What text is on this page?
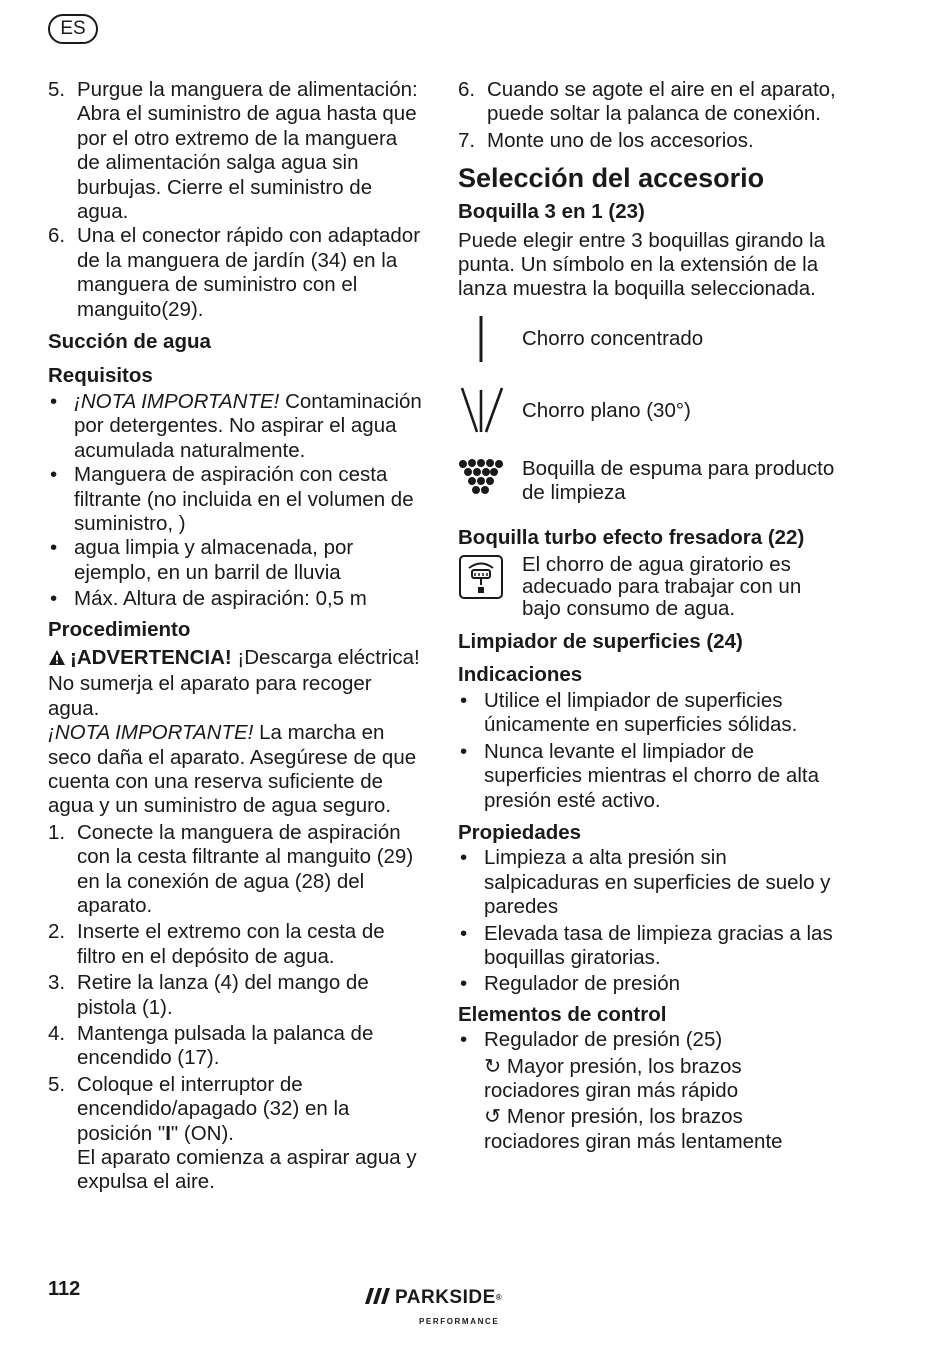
ES
5. Purgue la manguera de alimentación: Abra el suministro de agua hasta que por el otro extremo de la manguera de alimentación salga agua sin burbujas. Cierre el suministro de agua.
6. Una el conector rápido con adaptador de la manguera de jardín (34) en la manguera de suministro con el manguito(29).

Succión de agua

Requisitos

• ¡NOTA IMPORTANTE! Contaminación por detergentes. No aspirar el agua acumulada naturalmente.
• Manguera de aspiración con cesta filtrante (no incluida en el volumen de suministro, )
• agua limpia y almacenada, por ejemplo, en un barril de lluvia
• Máx. Altura de aspiración: 0,5 m

Procedimiento

¡ADVERTENCIA! ¡Descarga eléctrica! No sumerja el aparato para recoger agua.

¡NOTA IMPORTANTE! La marcha en seco daña el aparato. Asegúrese de que cuenta con una reserva suficiente de agua y un suministro de agua seguro.

1. Conecte la manguera de aspiración con la cesta filtrante al manguito (29) en la conexión de agua (28) del aparato.
2. Inserte el extremo con la cesta de filtro en el depósito de agua.
3. Retire la lanza (4) del mango de pistola (1).
4. Mantenga pulsada la palanca de encendido (17).
5. Coloque el interruptor de encendido/apagado (32) en la posición "I" (ON).
El aparato comienza a aspirar agua y expulsa el aire.
6. Cuando se agote el aire en el aparato, puede soltar la palanca de conexión.
7. Monte uno de los accesorios.

Selección del accesorio

Boquilla 3 en 1 (23)

Puede elegir entre 3 boquillas girando la punta. Un símbolo en la extensión de la lanza muestra la boquilla seleccionada.

Chorro concentrado
Chorro plano (30°)
Boquilla de espuma para producto de limpieza

Boquilla turbo efecto fresadora (22)

El chorro de agua giratorio es adecuado para trabajar con un bajo consumo de agua.

Limpiador de superficies (24)

Indicaciones

• Utilice el limpiador de superficies únicamente en superficies sólidas.
• Nunca levante el limpiador de superficies mientras el chorro de alta presión esté activo.

Propiedades

• Limpieza a alta presión sin salpicaduras en superficies de suelo y paredes
• Elevada tasa de limpieza gracias a las boquillas giratorias.
• Regulador de presión

Elementos de control

• Regulador de presión (25)

↻ Mayor presión, los brazos rociadores giran más rápido

↺ Menor presión, los brazos rociadores giran más lentamente

112	PARKSIDE®
PERFORMANCE
